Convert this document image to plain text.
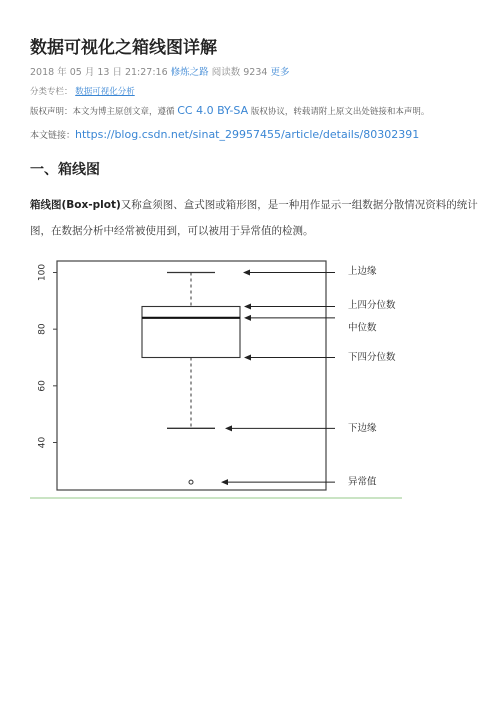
数据可视化之箱线图详解
2018 年 05 月 13 日 21:27:16 修炼之路 阅读数 9234 更多
分类专栏： 数据可视化分析
版权声明：本文为博主原创文章，遵循 CC 4.0 BY-SA 版权协议，转载请附上原文出处链接和本声明。
本文链接：https://blog.csdn.net/sinat_29957455/article/details/80302391
一、箱线图
箱线图(Box-plot)又称盒须图、盒式图或箱形图，是一种用作显示一组数据分散情况资料的统计
图，在数据分析中经常被使用到，可以被用于异常值的检测。
40
60
80
100	上边缘
上四分位数
中位数
下四分位数
下边缘
异常值
